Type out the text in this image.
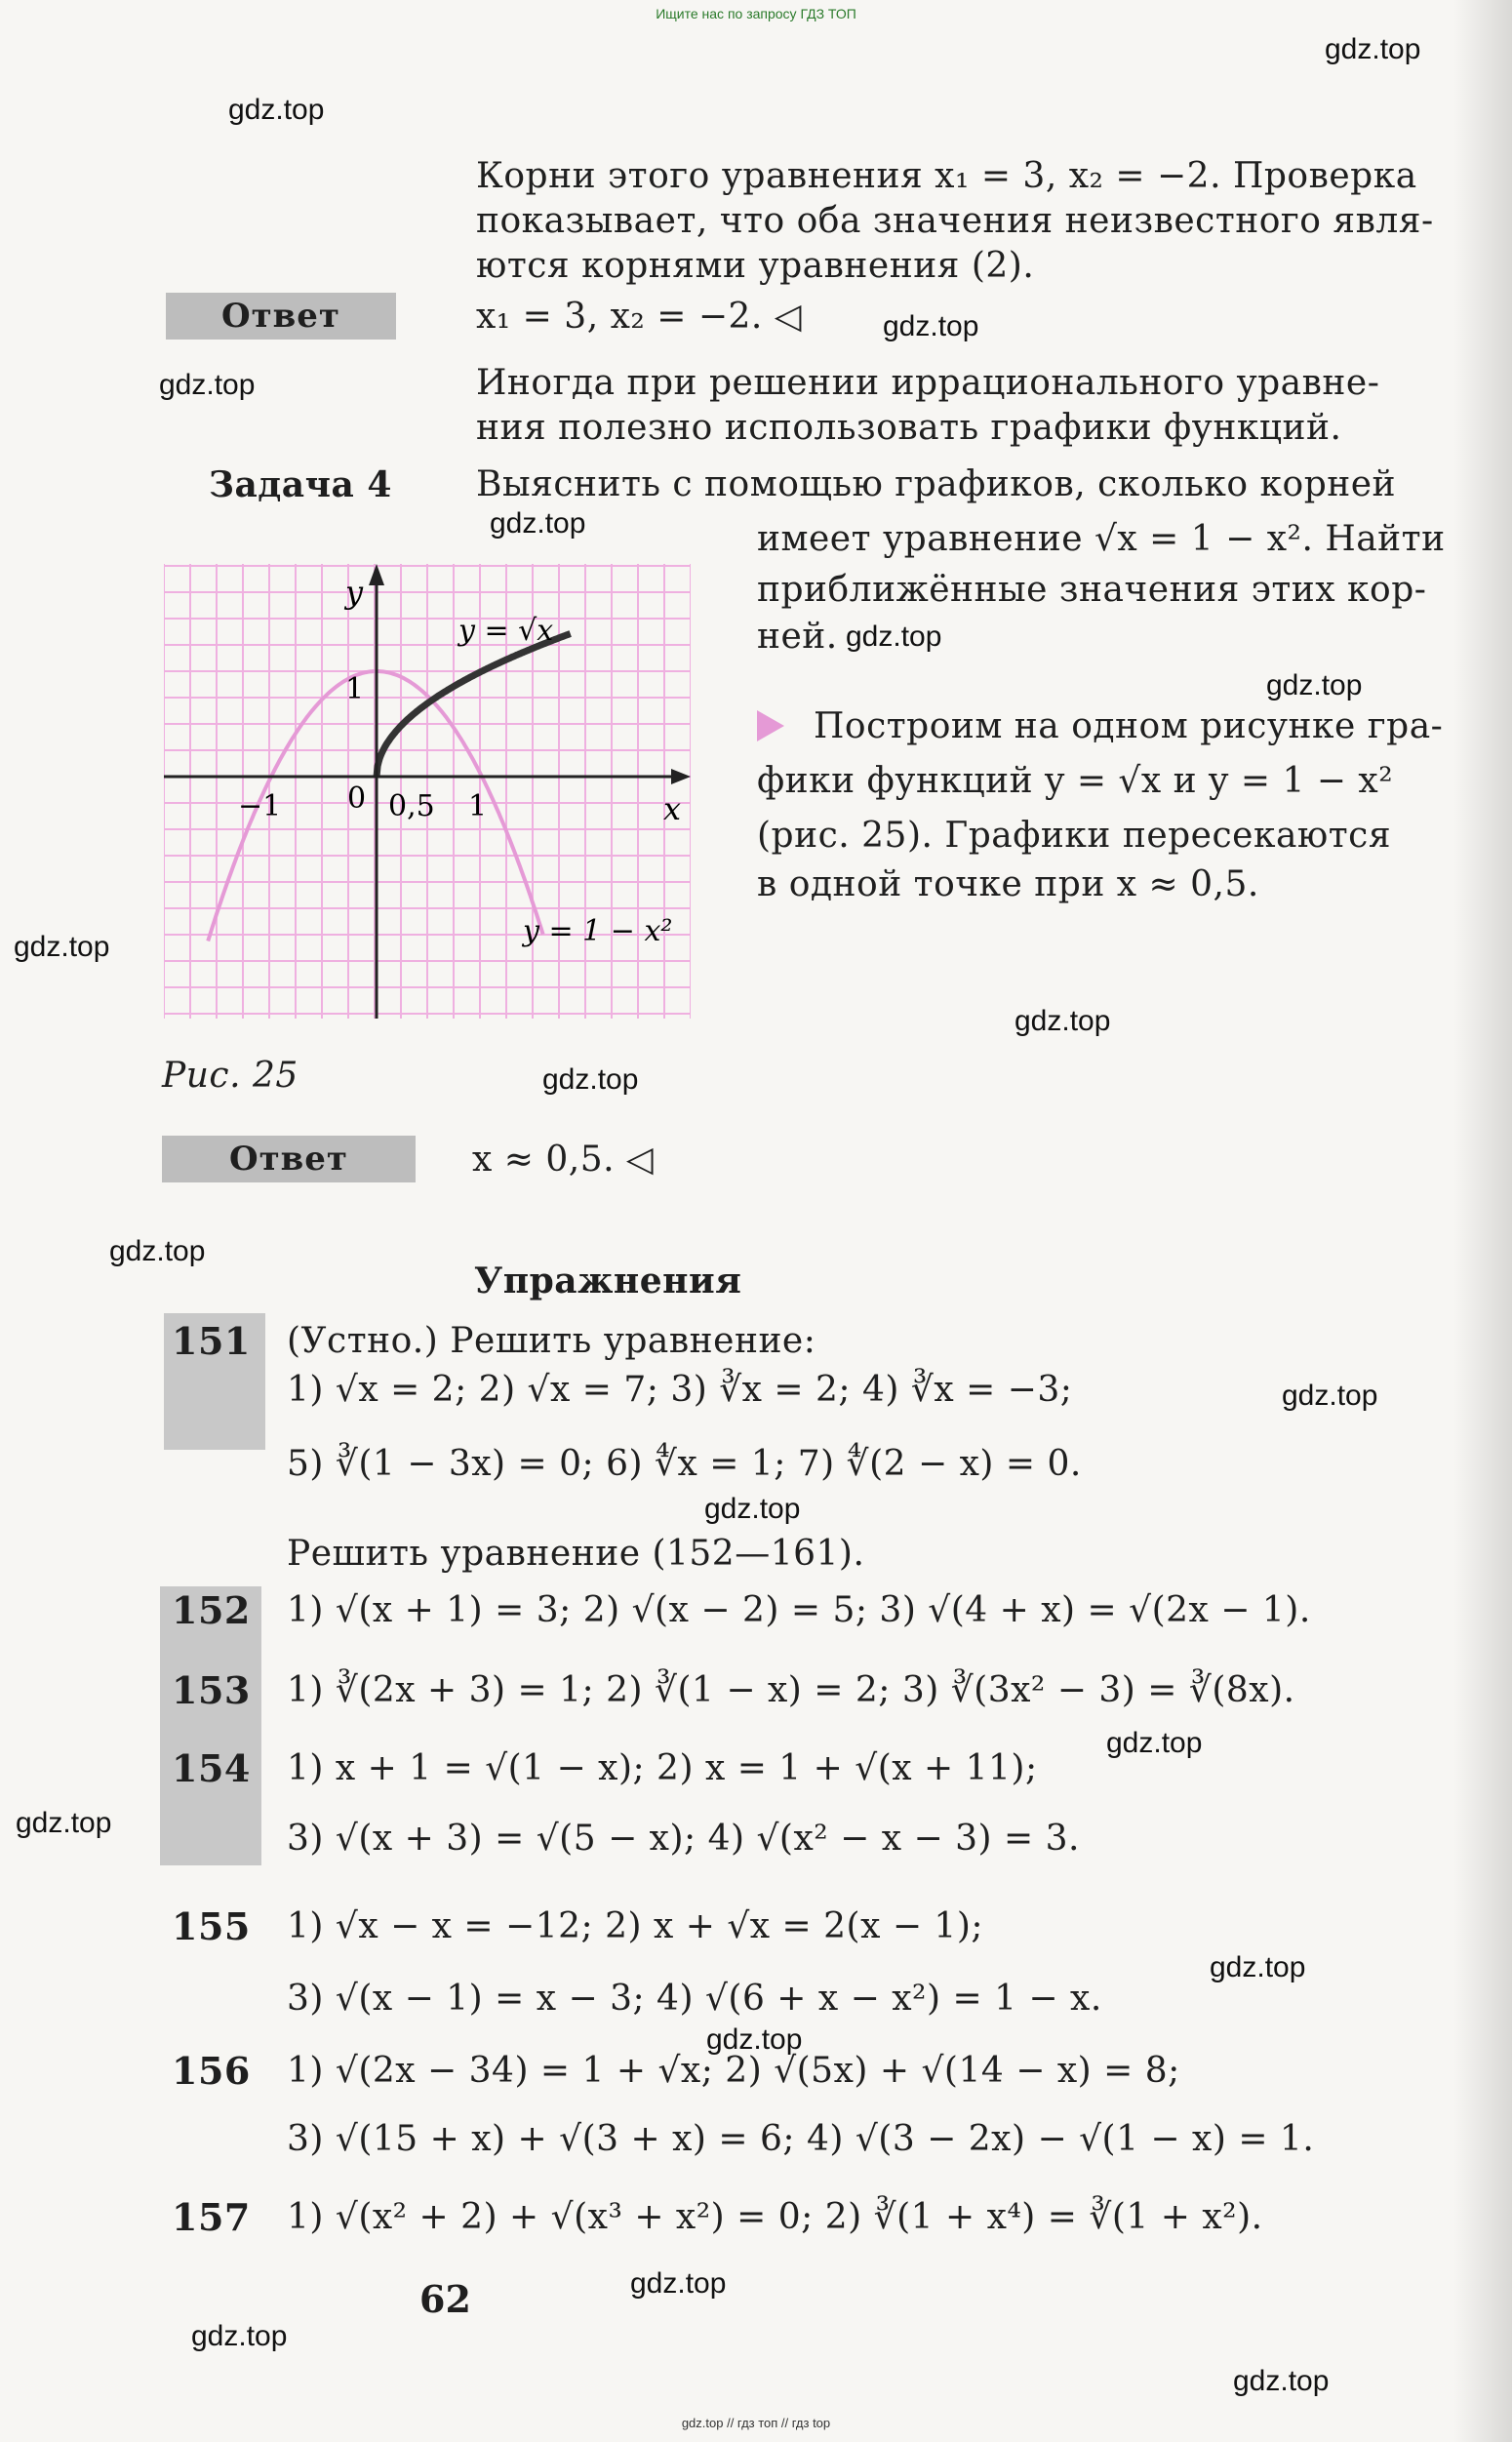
Ищите нас по запросу ГДЗ ТОП
gdz.top
gdz.top
gdz.top
gdz.top
gdz.top
gdz.top
gdz.top
gdz.top
gdz.top
gdz.top
gdz.top
gdz.top
gdz.top
gdz.top
gdz.top
gdz.top
gdz.top
gdz.top
gdz.top
gdz.top
Корни этого уравнения x₁ = 3, x₂ = −2. Проверка
показывает, что оба значения неизвестного явля-
ются корнями уравнения (2).
Ответ	x₁ = 3, x₂ = −2. ◁
Иногда при решении иррационального уравне-
ния полезно использовать графики функций.
Задача 4 Выяснить с помощью графиков, сколько корней
имеет уравнение √x = 1 − x². Найти
приближённые значения этих кор-
ней.
Построим на одном рисунке гра-
фики функций y = √x и y = 1 − x²
(рис. 25). Графики пересекаются
в одной точке при x ≈ 0,5.
y
x
y = √x
y = 1 − x²
−1 0 0,5 1
1
Рис. 25
Ответ	x ≈ 0,5. ◁
Упражнения
151 (Устно.) Решить уравнение:
1) √x = 2; 2) √x = 7; 3) ∛x = 2; 4) ∛x = −3;
5) ∛(1 − 3x) = 0; 6) ∜x = 1; 7) ∜(2 − x) = 0.
Решить уравнение (152—161).
152 1) √(x + 1) = 3; 2) √(x − 2) = 5; 3) √(4 + x) = √(2x − 1).
153 1) ∛(2x + 3) = 1; 2) ∛(1 − x) = 2; 3) ∛(3x² − 3) = ∛(8x).
154 1) x + 1 = √(1 − x); 2) x = 1 + √(x + 11);
3) √(x + 3) = √(5 − x); 4) √(x² − x − 3) = 3.
155 1) √x − x = −12; 2) x + √x = 2(x − 1);
3) √(x − 1) = x − 3; 4) √(6 + x − x²) = 1 − x.
156 1) √(2x − 34) = 1 + √x; 2) √(5x) + √(14 − x) = 8;
3) √(15 + x) + √(3 + x) = 6; 4) √(3 − 2x) − √(1 − x) = 1.
157 1) √(x² + 2) + √(x³ + x²) = 0; 2) ∛(1 + x⁴) = ∛(1 + x²).
62
gdz.top // гдз топ // гдз top
